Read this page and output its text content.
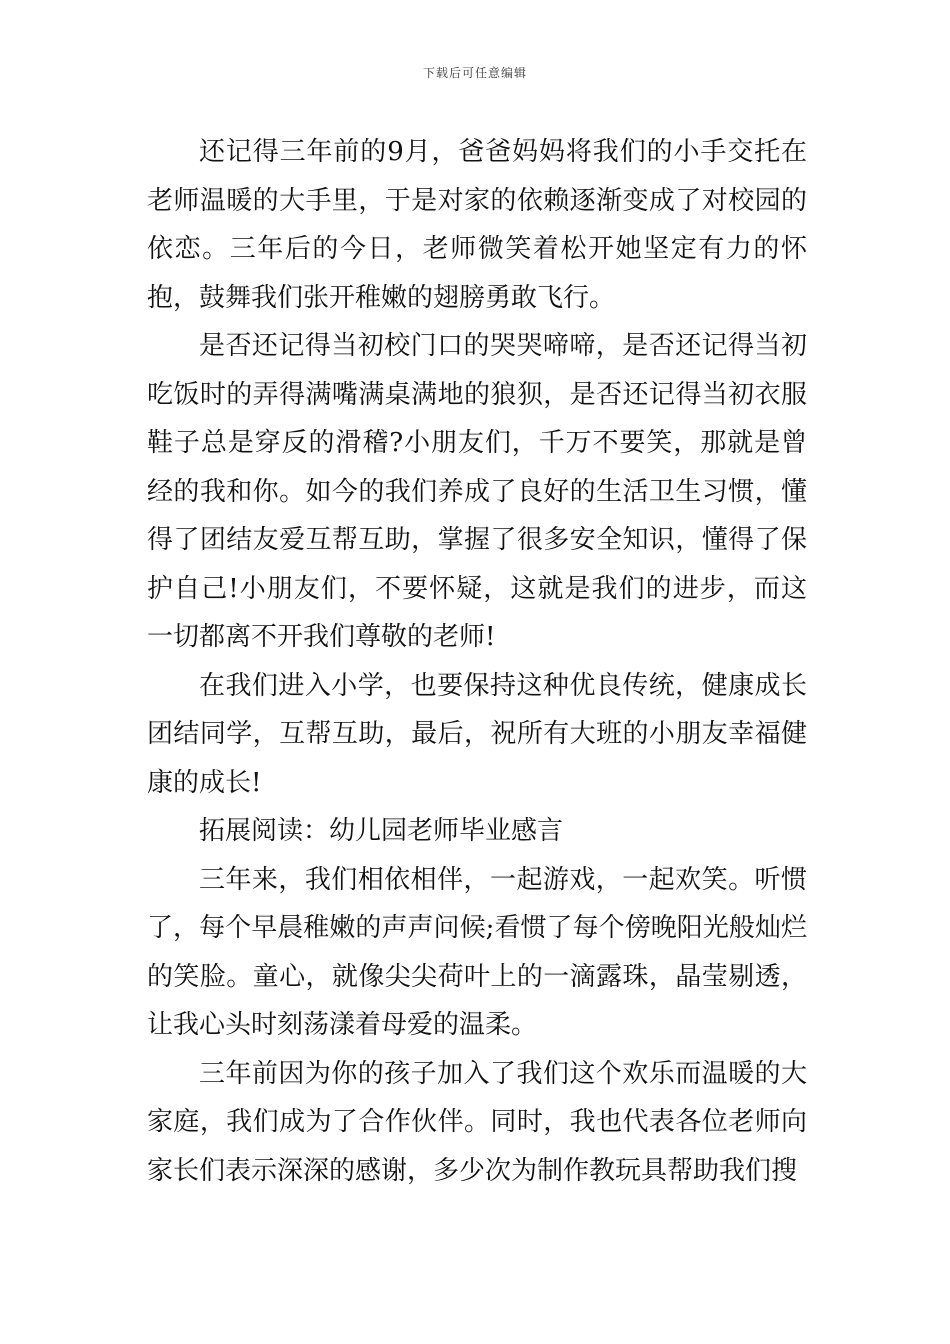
下载后可任意编辑

还记得三年前的9月，爸爸妈妈将我们的小手交托在老师温暖的大手里，于是对家的依赖逐渐变成了对校园的依恋。三年后的今日，老师微笑着松开她坚定有力的怀抱，鼓舞我们张开稚嫩的翅膀勇敢飞行。

是否还记得当初校门口的哭哭啼啼，是否还记得当初吃饭时的弄得满嘴满桌满地的狼狈，是否还记得当初衣服鞋子总是穿反的滑稽?小朋友们，千万不要笑，那就是曾经的我和你。如今的我们养成了良好的生活卫生习惯，懂得了团结友爱互帮互助，掌握了很多安全知识，懂得了保护自己!小朋友们，不要怀疑，这就是我们的进步，而这一切都离不开我们尊敬的老师!

在我们进入小学，也要保持这种优良传统，健康成长团结同学，互帮互助，最后，祝所有大班的小朋友幸福健康的成长!

拓展阅读：幼儿园老师毕业感言

三年来，我们相依相伴，一起游戏，一起欢笑。听惯了，每个早晨稚嫩的声声问候;看惯了每个傍晚阳光般灿烂的笑脸。童心，就像尖尖荷叶上的一滴露珠，晶莹剔透，让我心头时刻荡漾着母爱的温柔。

三年前因为你的孩子加入了我们这个欢乐而温暖的大家庭，我们成为了合作伙伴。同时，我也代表各位老师向家长们表示深深的感谢，多少次为制作教玩具帮助我们搜
